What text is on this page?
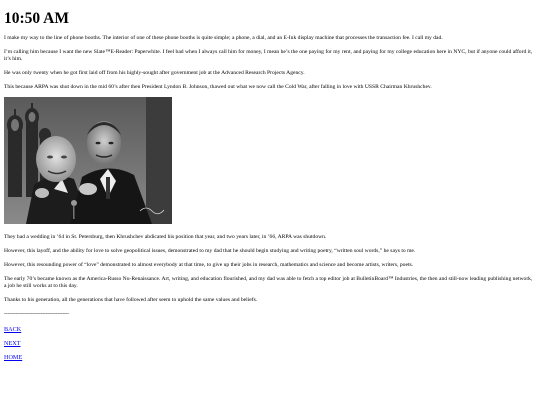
10:50 AM

I make my way to the line of phone booths. The interior of one of these phone booths is quite simple; a phone, a dial, and an E-Ink display machine that processes the transaction fee. I call my dad.

I’m calling him because I want the new Slate™E-Reader: Paperwhite. I feel bad when I always call him for money, I mean he’s the one paying for my rent, and paying for my college education here in NYC, but if anyone could afford it, it’s him.

He was only twenty when he got first laid off from his highly-sought after government job at the Advanced Research Projects Agency.

This because ARPA was shut down in the mid 60’s after then President Lyndon B. Johnson, thawed out what we now call the Cold War, after falling in love with USSR Chairman Khrushchev.

They had a wedding in ’64 in St. Petersburg, then Khrushchev abdicated his position that year, and two years later, in ’66, ARPA was shutdown.

However, this layoff, and the ability for love to solve geopolitical issues, demonstrated to my dad that he should begin studying and writing poetry, “written soul words,” he says to me.

However, this resounding power of “love” demonstrated to almost everybody at that time, to give up their jobs in research, mathematics and science and become artists, writers, poets.

The early 70’s became known as the America-Russo Nu-Renaissance. Art, writing, and education flourished, and my dad was able to fetch a top editor job at BulletinBoard™ Industries, the then and still-now leading publishing network, a job he still works at to this day.

Thanks to his generation, all the generations that have followed after seem to uphold the same values and beliefs.

---------------------------------------
BACK
NEXT
HOME
